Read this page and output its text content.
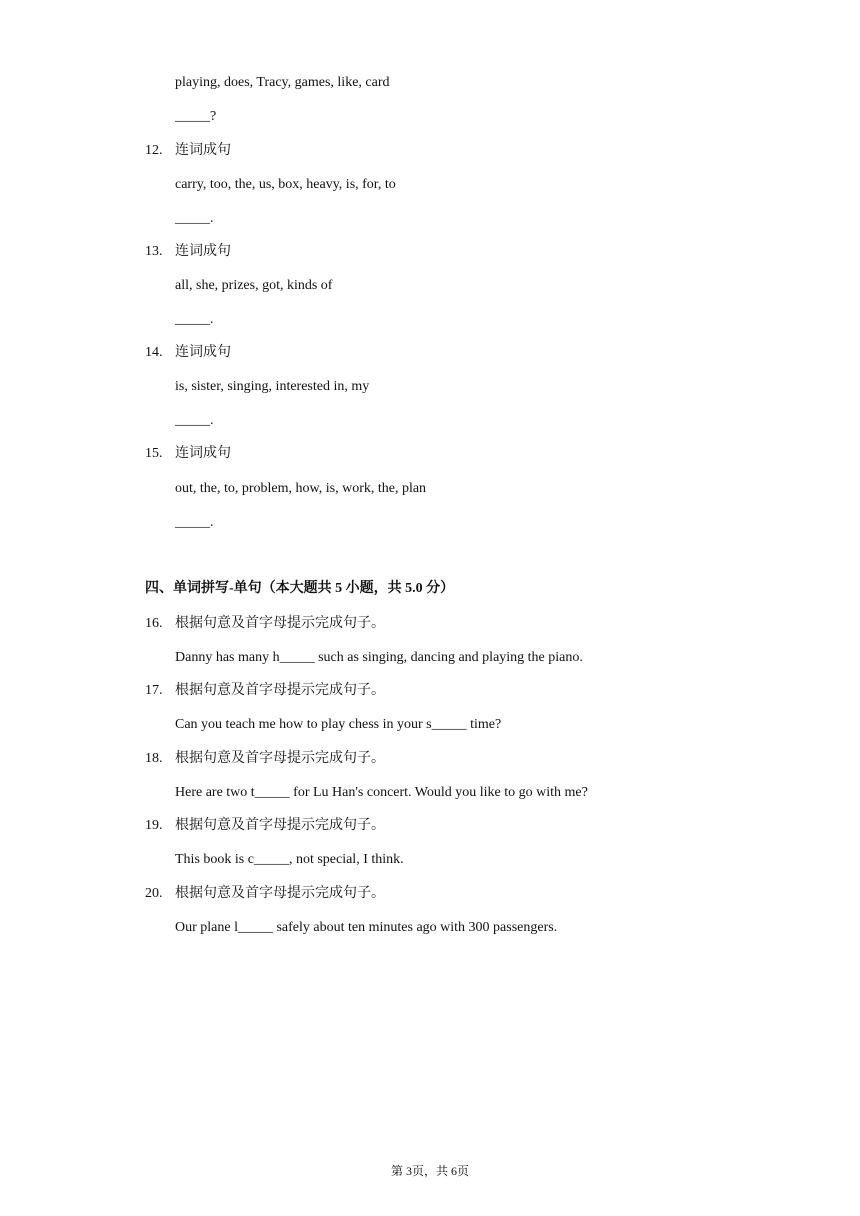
playing, does, Tracy, games, like, card
_____?
12. 连词成句
carry, too, the, us, box, heavy, is, for, to
_____.
13. 连词成句
all, she, prizes, got, kinds of
_____.
14. 连词成句
is, sister, singing, interested in, my
_____.
15. 连词成句
out, the, to, problem, how, is, work, the, plan
_____.
四、单词拼写-单句（本大题共 5 小题，共 5.0 分）
16. 根据句意及首字母提示完成句子。
Danny has many h_____ such as singing, dancing and playing the piano.
17. 根据句意及首字母提示完成句子。
Can you teach me how to play chess in your s_____ time?
18. 根据句意及首字母提示完成句子。
Here are two t_____ for Lu Han's concert. Would you like to go with me?
19. 根据句意及首字母提示完成句子。
This book is c_____, not special, I think.
20. 根据句意及首字母提示完成句子。
Our plane l_____ safely about ten minutes ago with 300 passengers.
第 3页，共 6页
